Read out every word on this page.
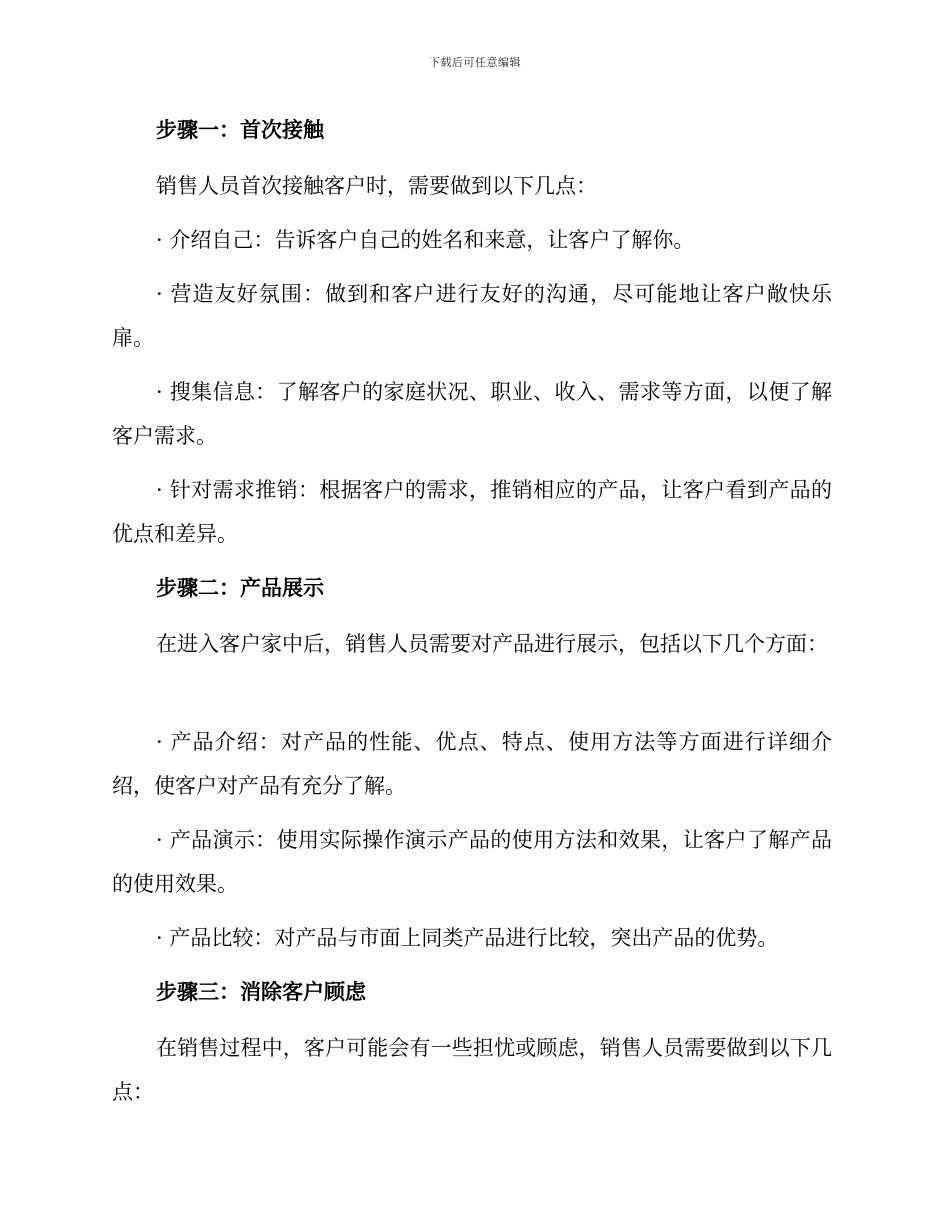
下载后可任意编辑
步骤一：首次接触

销售人员首次接触客户时，需要做到以下几点：

· 介绍自己：告诉客户自己的姓名和来意，让客户了解你。

· 营造友好氛围：做到和客户进行友好的沟通，尽可能地让客户敞快乐扉。

· 搜集信息：了解客户的家庭状况、职业、收入、需求等方面，以便了解客户需求。

· 针对需求推销：根据客户的需求，推销相应的产品，让客户看到产品的优点和差异。

步骤二：产品展示

在进入客户家中后，销售人员需要对产品进行展示，包括以下几个方面：

· 产品介绍：对产品的性能、优点、特点、使用方法等方面进行详细介绍，使客户对产品有充分了解。

· 产品演示：使用实际操作演示产品的使用方法和效果，让客户了解产品的使用效果。

· 产品比较：对产品与市面上同类产品进行比较，突出产品的优势。

步骤三：消除客户顾虑

在销售过程中，客户可能会有一些担忧或顾虑，销售人员需要做到以下几点：
